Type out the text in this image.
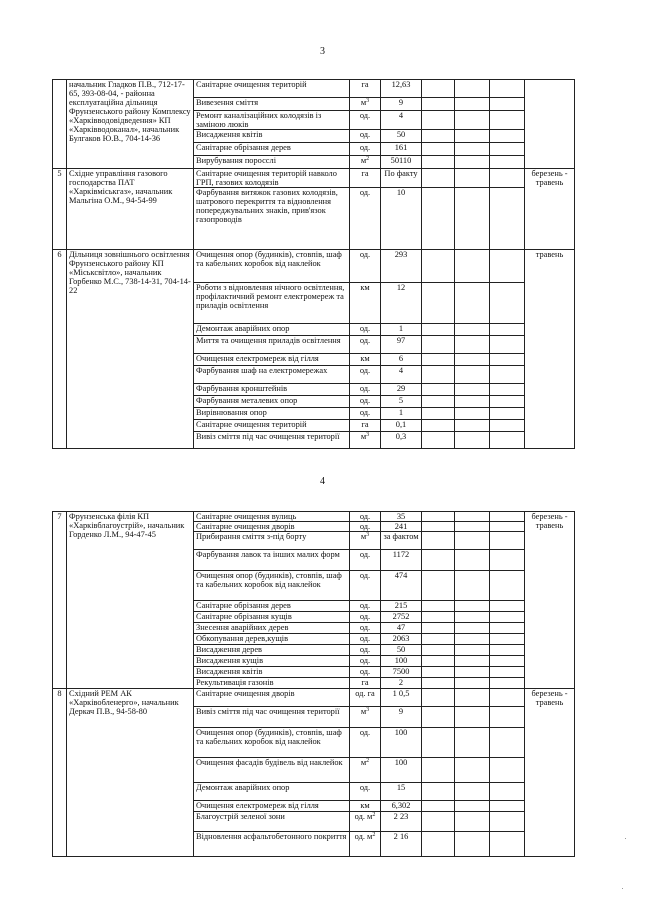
3
	начальник Гладков П.В., 712-17-65, 393-08-04, - районна експлуатаційна дільниця Фрунзенського району Комплексу «Харківводовідведення» КП «Харківводоканал», начальник Булгаков Ю.В., 704-14-36	Санітарне очищення територій	га	12,63				
		Вивезення сміття	$м^3$	9				
		Ремонт каналізаційних колодязів із заміною люків	од.	4				
		Висадження квітів	од.	50				
		Санітарне обрізання дерев	од.	161				
		Вирубування поросслі	$м^2$	50110				
5	Східне управління газового господарства ПАТ «Харківміськгаз», начальник Мальгіна О.М., 94-54-99	Санітарне очищення територій навколо ГРП, газових колодязів	га	По факту				березень - травень
		Фарбування витяжок газових колодязів, шатрового перекриття та відновлення попереджувальних знаків, прив'язок газопроводів	од.	10				
6	Дільниця зовнішнього освітлення Фрунзенського району КП «Міськсвітло», начальник Горбенко М.С., 738-14-31, 704-14-22	Очищення опор (будинків), стовпів, шаф та кабельних коробок від наклейок	од.	293				травень
		Роботи з відновлення нічного освітлення, профілактичний ремонт електромереж та приладів освітлення	км	12				
		Демонтаж аварійних опор	од.	1				
		Миття та очищення приладів освітлення	од.	97				
		Очищення електромереж від гілля	км	6				
		Фарбування шаф на електромережах	од.	4				
		Фарбування кронштейнів	од.	29				
		Фарбування металевих опор	од.	5				
		Вирівнювання опор	од.	1				
		Санітарне очищення територій	га	0,1				
		Вивіз сміття під час очищення території	$м^3$	0,3				
4
7	Фрунзенська філія КП «Харківблагоустрій», начальник Горденко Л.М., 94-47-45	Санітарне очищення вулиць	од.	35				березень - травень
		Санітарне очищення дворів	од.	241				
		Прибирання сміття з-під борту	$м^3$	за фактом				
		Фарбування лавок та інших малих форм	од.	1172				
		Очищення опор (будинків), стовпів, шаф та кабельних коробок від наклейок	од.	474				
		Санітарне обрізання дерев	од.	215				
		Санітарне обрізання кущів	од.	2752				
		Знесення аварійних дерев	од.	47				
		Обкопування дерев,кущів	од.	2063				
		Висадження дерев	од.	50				
		Висадження кущів	од.	100				
		Висадження квітів	од.	7500				
		Рекультивація газонів	га	2				
8	Східний РЕМ АК «Харківобленерго», начальник Деркач П.В., 94-58-80	Санітарне очищення дворів	од. га	1 0,5				березень - травень
		Вивіз сміття під час очищення території	$м^3$	9				
		Очищення опор (будинків), стовпів, шаф та кабельних коробок від наклейок	од.	100				
		Очищення фасадів будівель від наклейок	$м^2$	100				
		Демонтаж аварійних опор	од.	15				
		Очищення електромереж від гілля	км	6,302				
		Благоустрій зеленої зони	од. $м^2$	2 23				
		Відновлення асфальтобетонного покриття	од. $м^2$	2 16				
